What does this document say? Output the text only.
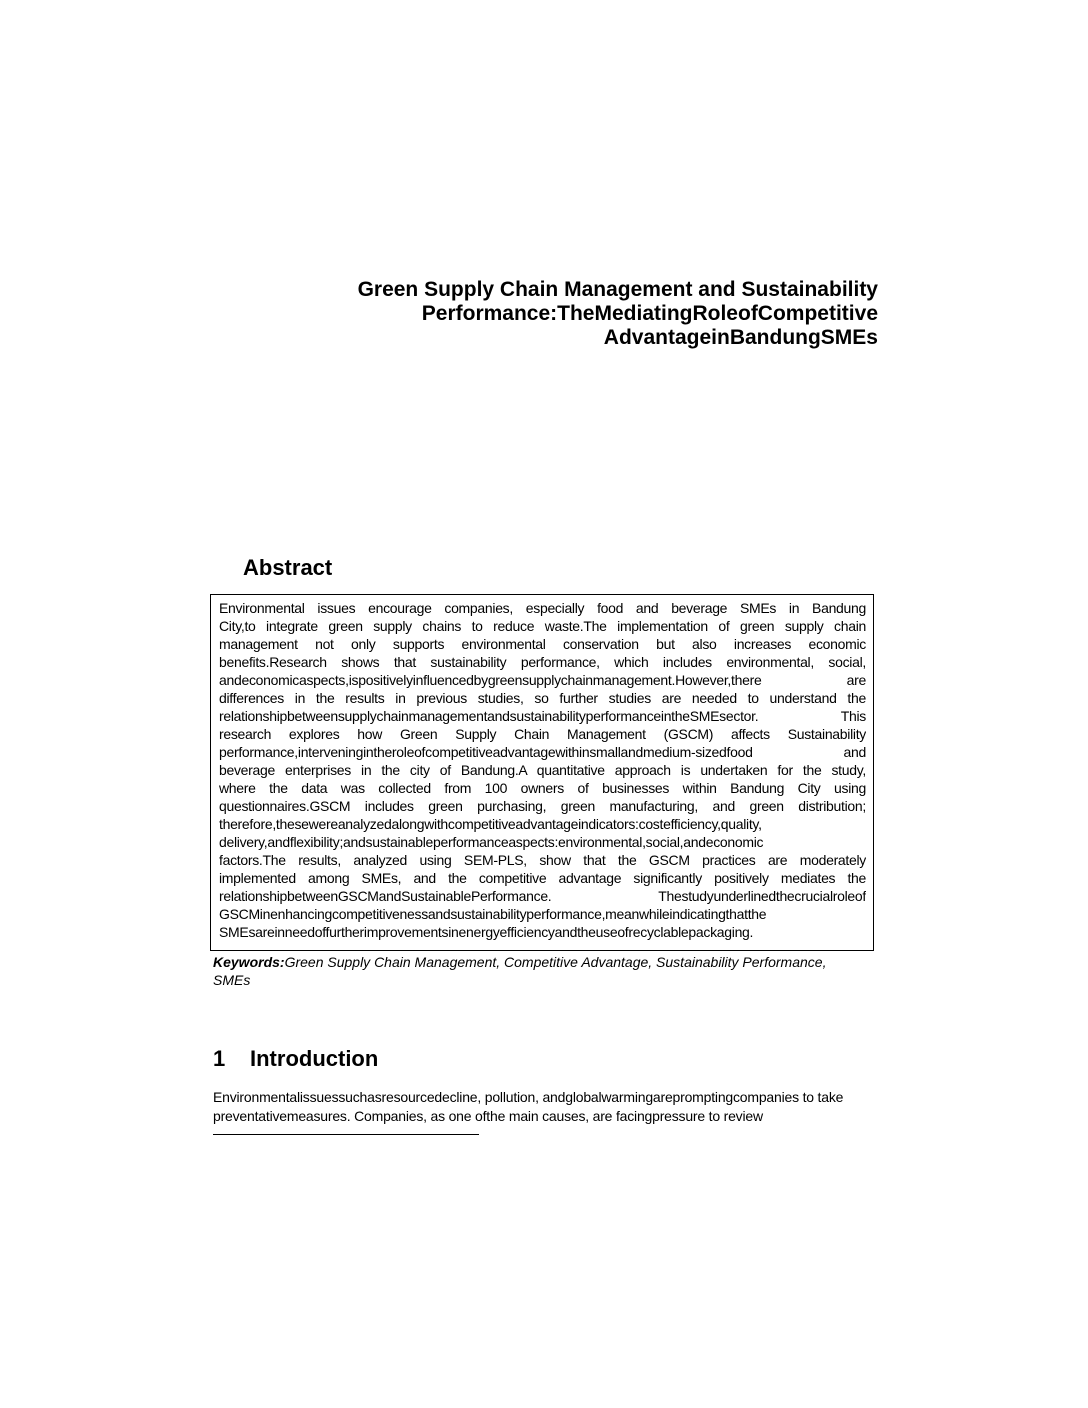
Green Supply Chain Management and Sustainability
Performance:TheMediatingRoleofCompetitive
AdvantageinBandungSMEs
Abstract
Environmental issues encourage companies, especially food and beverage SMEs in Bandung
City,to integrate green supply chains to reduce waste.The implementation of green supply chain
management not only supports environmental conservation but also increases economic
benefits.Research shows that sustainability performance, which includes environmental, social,
andeconomicaspects,ispositivelyinfluencedbygreensupplychainmanagement.However,there are
differences in the results in previous studies, so further studies are needed to understand the
relationshipbetweensupplychainmanagementandsustainabilityperformanceintheSMEsector. This
research explores how Green Supply Chain Management (GSCM) affects Sustainability
performance,interveningintheroleofcompetitiveadvantagewithinsmallandmedium-sizedfood and
beverage enterprises in the city of Bandung.A quantitative approach is undertaken for the study,
where the data was collected from 100 owners of businesses within Bandung City using
questionnaires.GSCM includes green purchasing, green manufacturing, and green distribution;
therefore,thesewereanalyzedalongwithcompetitiveadvantageindicators:costefficiency,quality,
delivery,andflexibility;andsustainableperformanceaspects:environmental,social,andeconomic
factors.The results, analyzed using SEM-PLS, show that the GSCM practices are moderately
implemented among SMEs, and the competitive advantage significantly positively mediates the
relationshipbetweenGSCMandSustainablePerformance.	Thestudyunderlinedthecrucialroleof
GSCMinenhancingcompetitivenessandsustainabilityperformance,meanwhileindicatingthatthe
SMEsareinneedoffurtherimprovementsinenergyefficiencyandtheuseofrecyclablepackaging.
Keywords:Green Supply Chain Management, Competitive Advantage, Sustainability Performance,
SMEs
1 Introduction
Environmentalissuessuchasresourcedecline, pollution, andglobalwarmingarepromptingcompanies to take
preventativemeasures. Companies, as one ofthe main causes, are facingpressure to review
